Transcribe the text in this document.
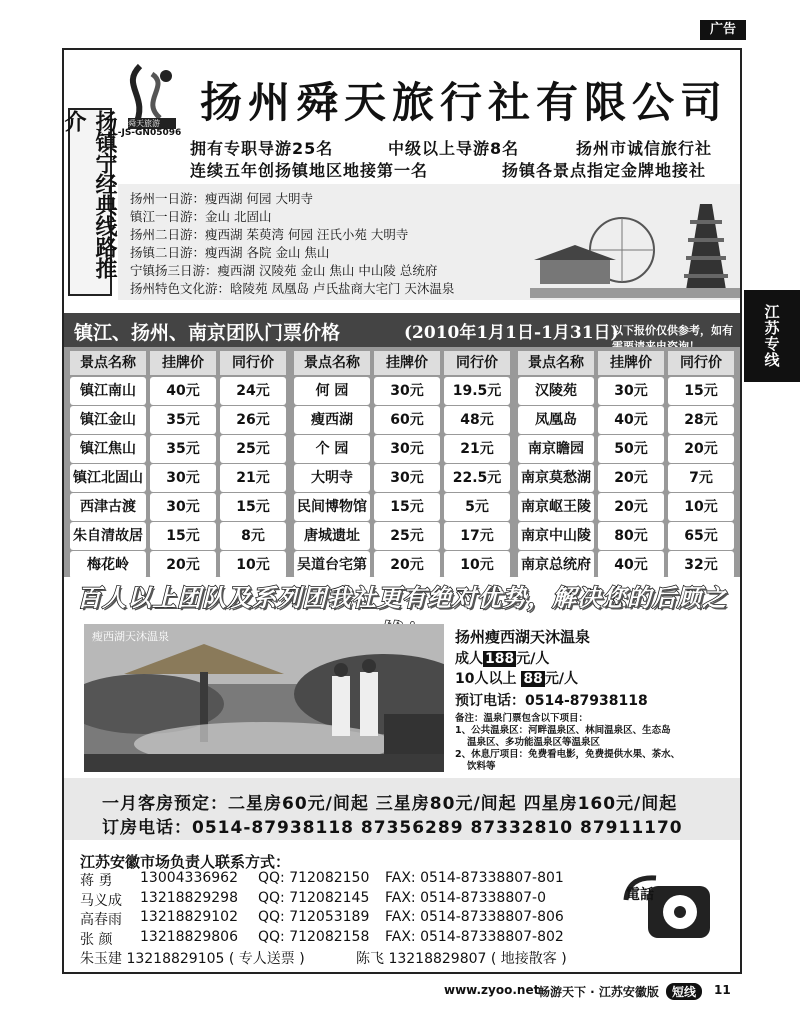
广告
江苏专线
舜天旅游
L-JS-GN05096
扬州舜天旅行社有限公司
扬镇宁经典线路推介
拥有专职导游25名	中级以上导游8名	扬州市诚信旅行社
连续五年创扬镇地区地接第一名	扬镇各景点指定金牌地接社
扬州一日游：瘦西湖 何园 大明寺
镇江一日游：金山 北固山
扬州二日游：瘦西湖 茱萸湾 何园 汪氏小苑 大明寺
扬镇二日游：瘦西湖 各院 金山 焦山
宁镇扬三日游：瘦西湖 汉陵苑 金山 焦山 中山陵 总统府
扬州特色文化游：晗陵苑 凤凰岛 卢氏盐商大宅门 天沐温泉
镇江、扬州、南京团队门票价格	(2010年1月1日-1月31日)
以下报价仅供参考，如有
景点名称	挂牌价	同行价
镇江南山	40元	24元
镇江金山	35元	26元
镇江焦山	35元	25元
镇江北固山	30元	21元
西津古渡	30元	15元
朱自清故居	15元	8元
梅花岭	20元	10元
景点名称	挂牌价	同行价
何 园	30元	19.5元
瘦西湖	60元	48元
个 园	30元	21元
大明寺	30元	22.5元
民间博物馆	15元	5元
唐城遗址	25元	17元
吴道台宅第	20元	10元
景点名称	挂牌价	同行价
汉陵苑	30元	15元
凤凰岛	40元	28元
南京瞻园	50元	20元
南京莫愁湖	20元	7元
南京岖王陵	20元	10元
南京中山陵	80元	65元
南京总统府	40元	32元
百人以上团队及系列团我社更有绝对优势，解决您的后顾之
瘦西湖天沐温泉	扬州瘦西湖天沐温泉
成人 188 元/人
10人以上 88 元/人
预订电话：0514-87938118
备注：温泉门票包含以下项目：
1、公共温泉区：河畔温泉区、林间温泉区、生态岛
温泉区、多功能温泉区等温泉区
2、休息厅项目：免费看电影，免费提供水果、茶水、
饮料等
一月客房预定：二星房60元/间起 三星房80元/间起 四星房160元/间起
订房电话：0514-87938118 87356289 87332810 87911170
江苏安徽市场负责人联系方式：
蒋 勇 13004336962 QQ: 712082150 FAX: 0514-87338807-801
马义成 13218829298 QQ: 712082145 FAX: 0514-87338807-0
高春雨 13218829102 QQ: 712053189 FAX: 0514-87338807-806
张 颜 13218829806 QQ: 712082158 FAX: 0514-87338807-802
朱玉建 13218829105 ( 专人送票 )	陈飞 13218829807 ( 地接散客 )
電話
www.zyoo.net
畅游天下 · 江苏安徽版	短线	11
